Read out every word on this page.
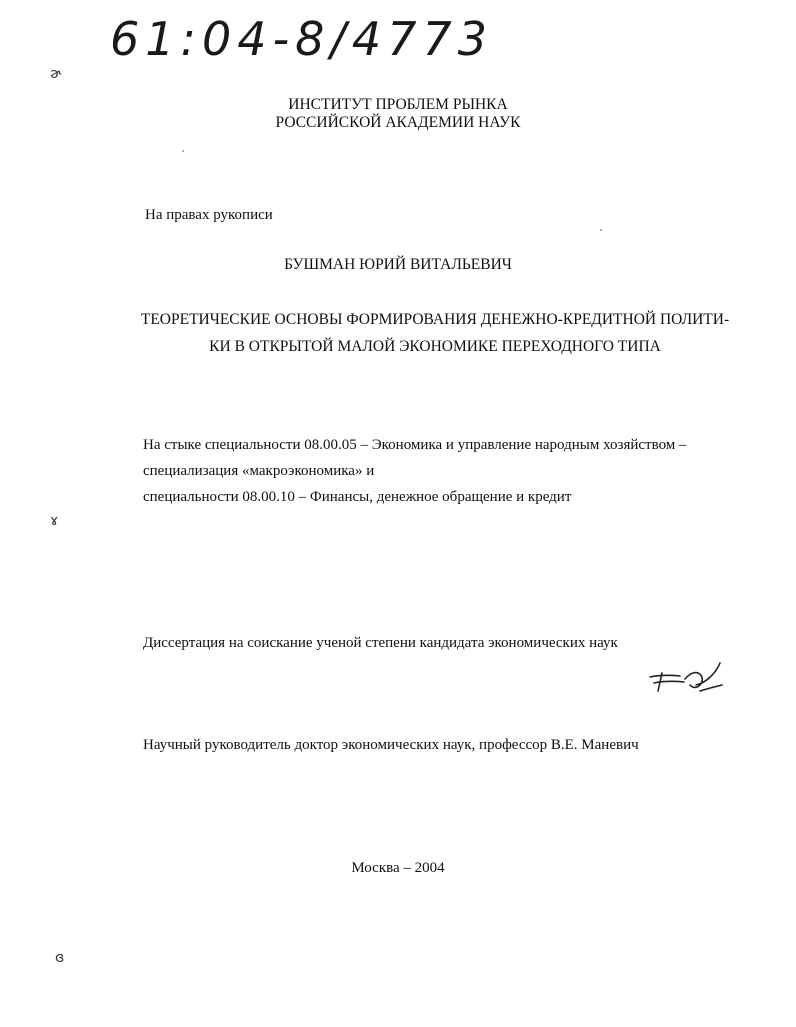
61:04-8/4773
ɚ
ɤ
ɞ
ИНСТИТУТ ПРОБЛЕМ РЫНКА
РОССИЙСКОЙ АКАДЕМИИ НАУК
На правах рукописи
БУШМАН ЮРИЙ ВИТАЛЬЕВИЧ
ТЕОРЕТИЧЕСКИЕ ОСНОВЫ ФОРМИРОВАНИЯ ДЕНЕЖНО-КРЕДИТНОЙ ПОЛИТИ-
КИ В ОТКРЫТОЙ МАЛОЙ ЭКОНОМИКЕ ПЕРЕХОДНОГО ТИПА
На стыке специальности 08.00.05 – Экономика и управление народным хозяйством –
специализация «макроэкономика» и
специальности 08.00.10 – Финансы, денежное обращение и кредит
Диссертация на соискание ученой степени кандидата экономических наук
Научный руководитель доктор экономических наук, профессор В.Е. Маневич
Москва – 2004
